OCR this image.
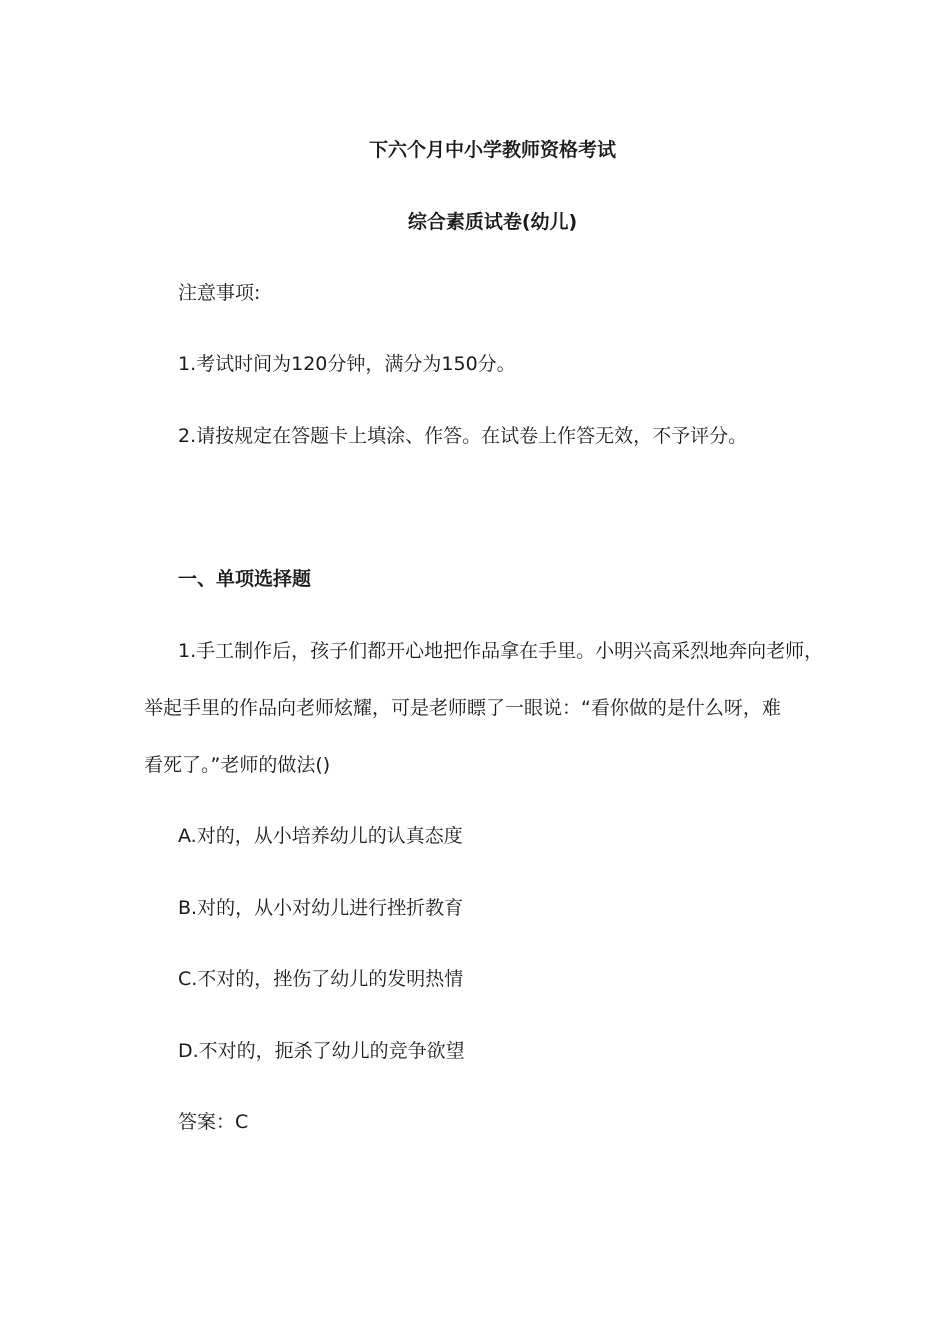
下六个月中小学教师资格考试
综合素质试卷(幼儿)
注意事项:
1.考试时间为120分钟，满分为150分。
2.请按规定在答题卡上填涂、作答。在试卷上作答无效，不予评分。
一、单项选择题
1.手工制作后，孩子们都开心地把作品拿在手里。小明兴高采烈地奔向老师，
举起手里的作品向老师炫耀，可是老师瞟了一眼说：“看你做的是什么呀，难
看死了。”老师的做法()
A.对的，从小培养幼儿的认真态度
B.对的，从小对幼儿进行挫折教育
C.不对的，挫伤了幼儿的发明热情
D.不对的，扼杀了幼儿的竞争欲望
答案：C
